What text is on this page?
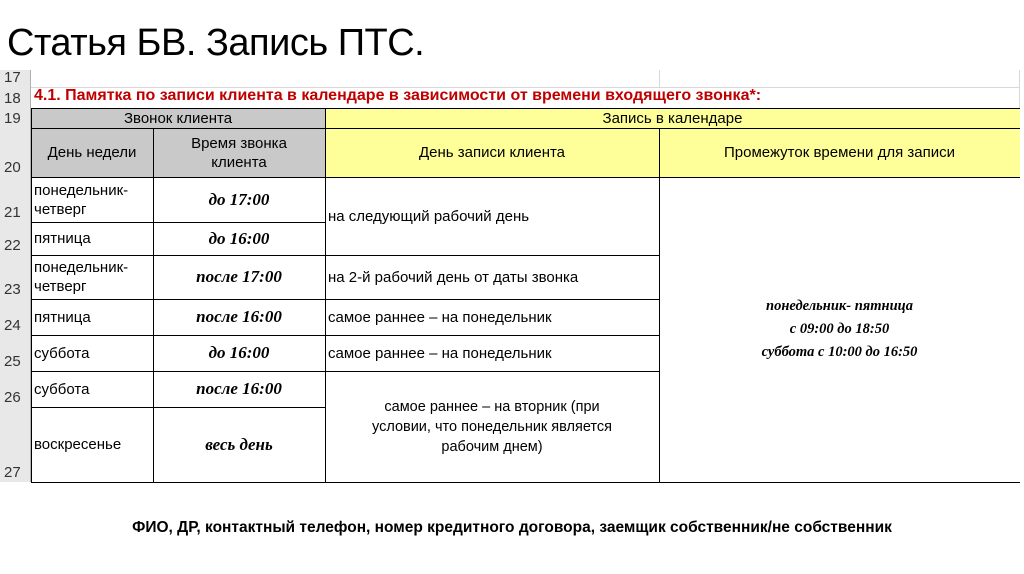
Статья БВ. Запись ПТС.
17
18
19
20
21
22
23
24
25
26
27
4.1. Памятка по записи клиента в календаре в зависимости от времени входящего звонка*:
Звонок клиента	Запись в календаре
День недели
Время звонка клиента
День записи клиента	Промежуток времени для записи
понедельник-четверг
пятница
понедельник-четверг
пятница
суббота
суббота
воскресенье
до 17:00
до 16:00
после 17:00
после 16:00
до 16:00
после 16:00
весь день
на следующий рабочий день
на 2-й рабочий день от даты звонка
самое раннее – на понедельник
самое раннее – на понедельник
самое раннее – на вторник (при условии, что понедельник является рабочим днем)
понедельник- пятница
с 09:00 до 18:50
суббота с 10:00 до 16:50
ФИО, ДР, контактный телефон, номер кредитного договора, заемщик собственник/не собственник
